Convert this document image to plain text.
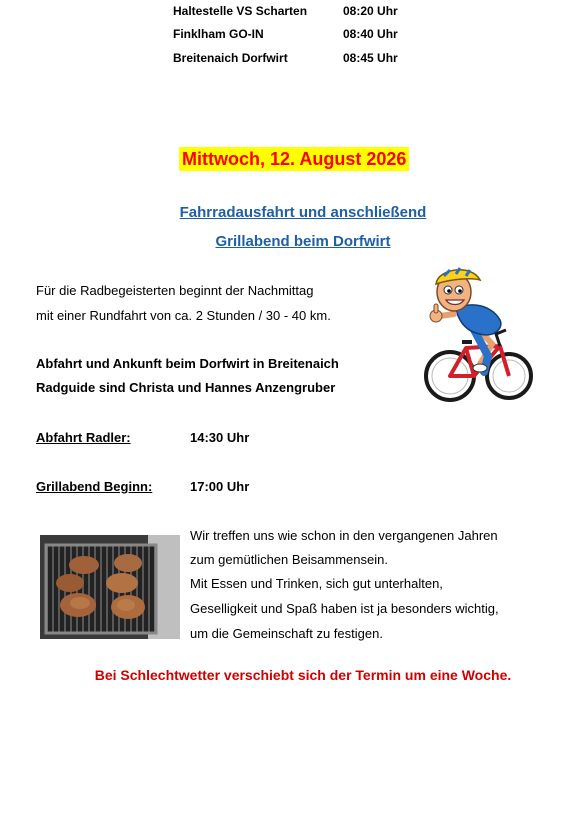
Haltestelle VS Scharten	08:20 Uhr
Finklham GO-IN	08:40 Uhr
Breitenaich Dorfwirt	08:45 Uhr
Mittwoch, 12. August 2026
Fahrradausfahrt und anschließend
Grillabend beim Dorfwirt
Für die Radbegeisterten beginnt der Nachmittag
mit einer Rundfahrt von ca. 2 Stunden / 30 - 40 km.
Abfahrt und Ankunft beim Dorfwirt in Breitenaich
Radguide sind Christa und Hannes Anzengruber
Abfahrt Radler:	14:30 Uhr
Grillabend Beginn:	17:00 Uhr
Wir treffen uns wie schon in den vergangenen Jahren
zum gemütlichen Beisammensein.
Mit Essen und Trinken, sich gut unterhalten,
Geselligkeit und Spaß haben ist ja besonders wichtig,
um die Gemeinschaft zu festigen.
Bei Schlechtwetter verschiebt sich der Termin um eine Woche.
